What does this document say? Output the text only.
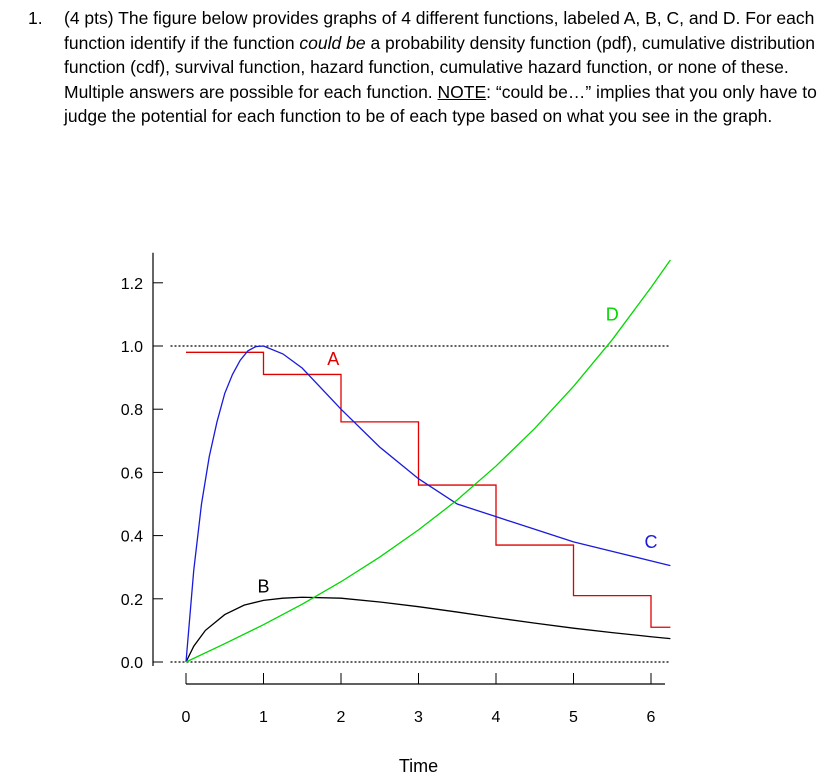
1. (4 pts) The figure below provides graphs of 4 different functions, labeled A, B, C, and D. For each function identify if the function could be a probability density function (pdf), cumulative distribution function (cdf), survival function, hazard function, cumulative hazard function, or none of these. Multiple answers are possible for each function. NOTE: “could be…” implies that you only have to judge the potential for each function to be of each type based on what you see in the graph.
0.0
0.2
0.4
0.6
0.8
1.0
1.2
0	1	2	3	4	5	6
Time
A
B
C
D
